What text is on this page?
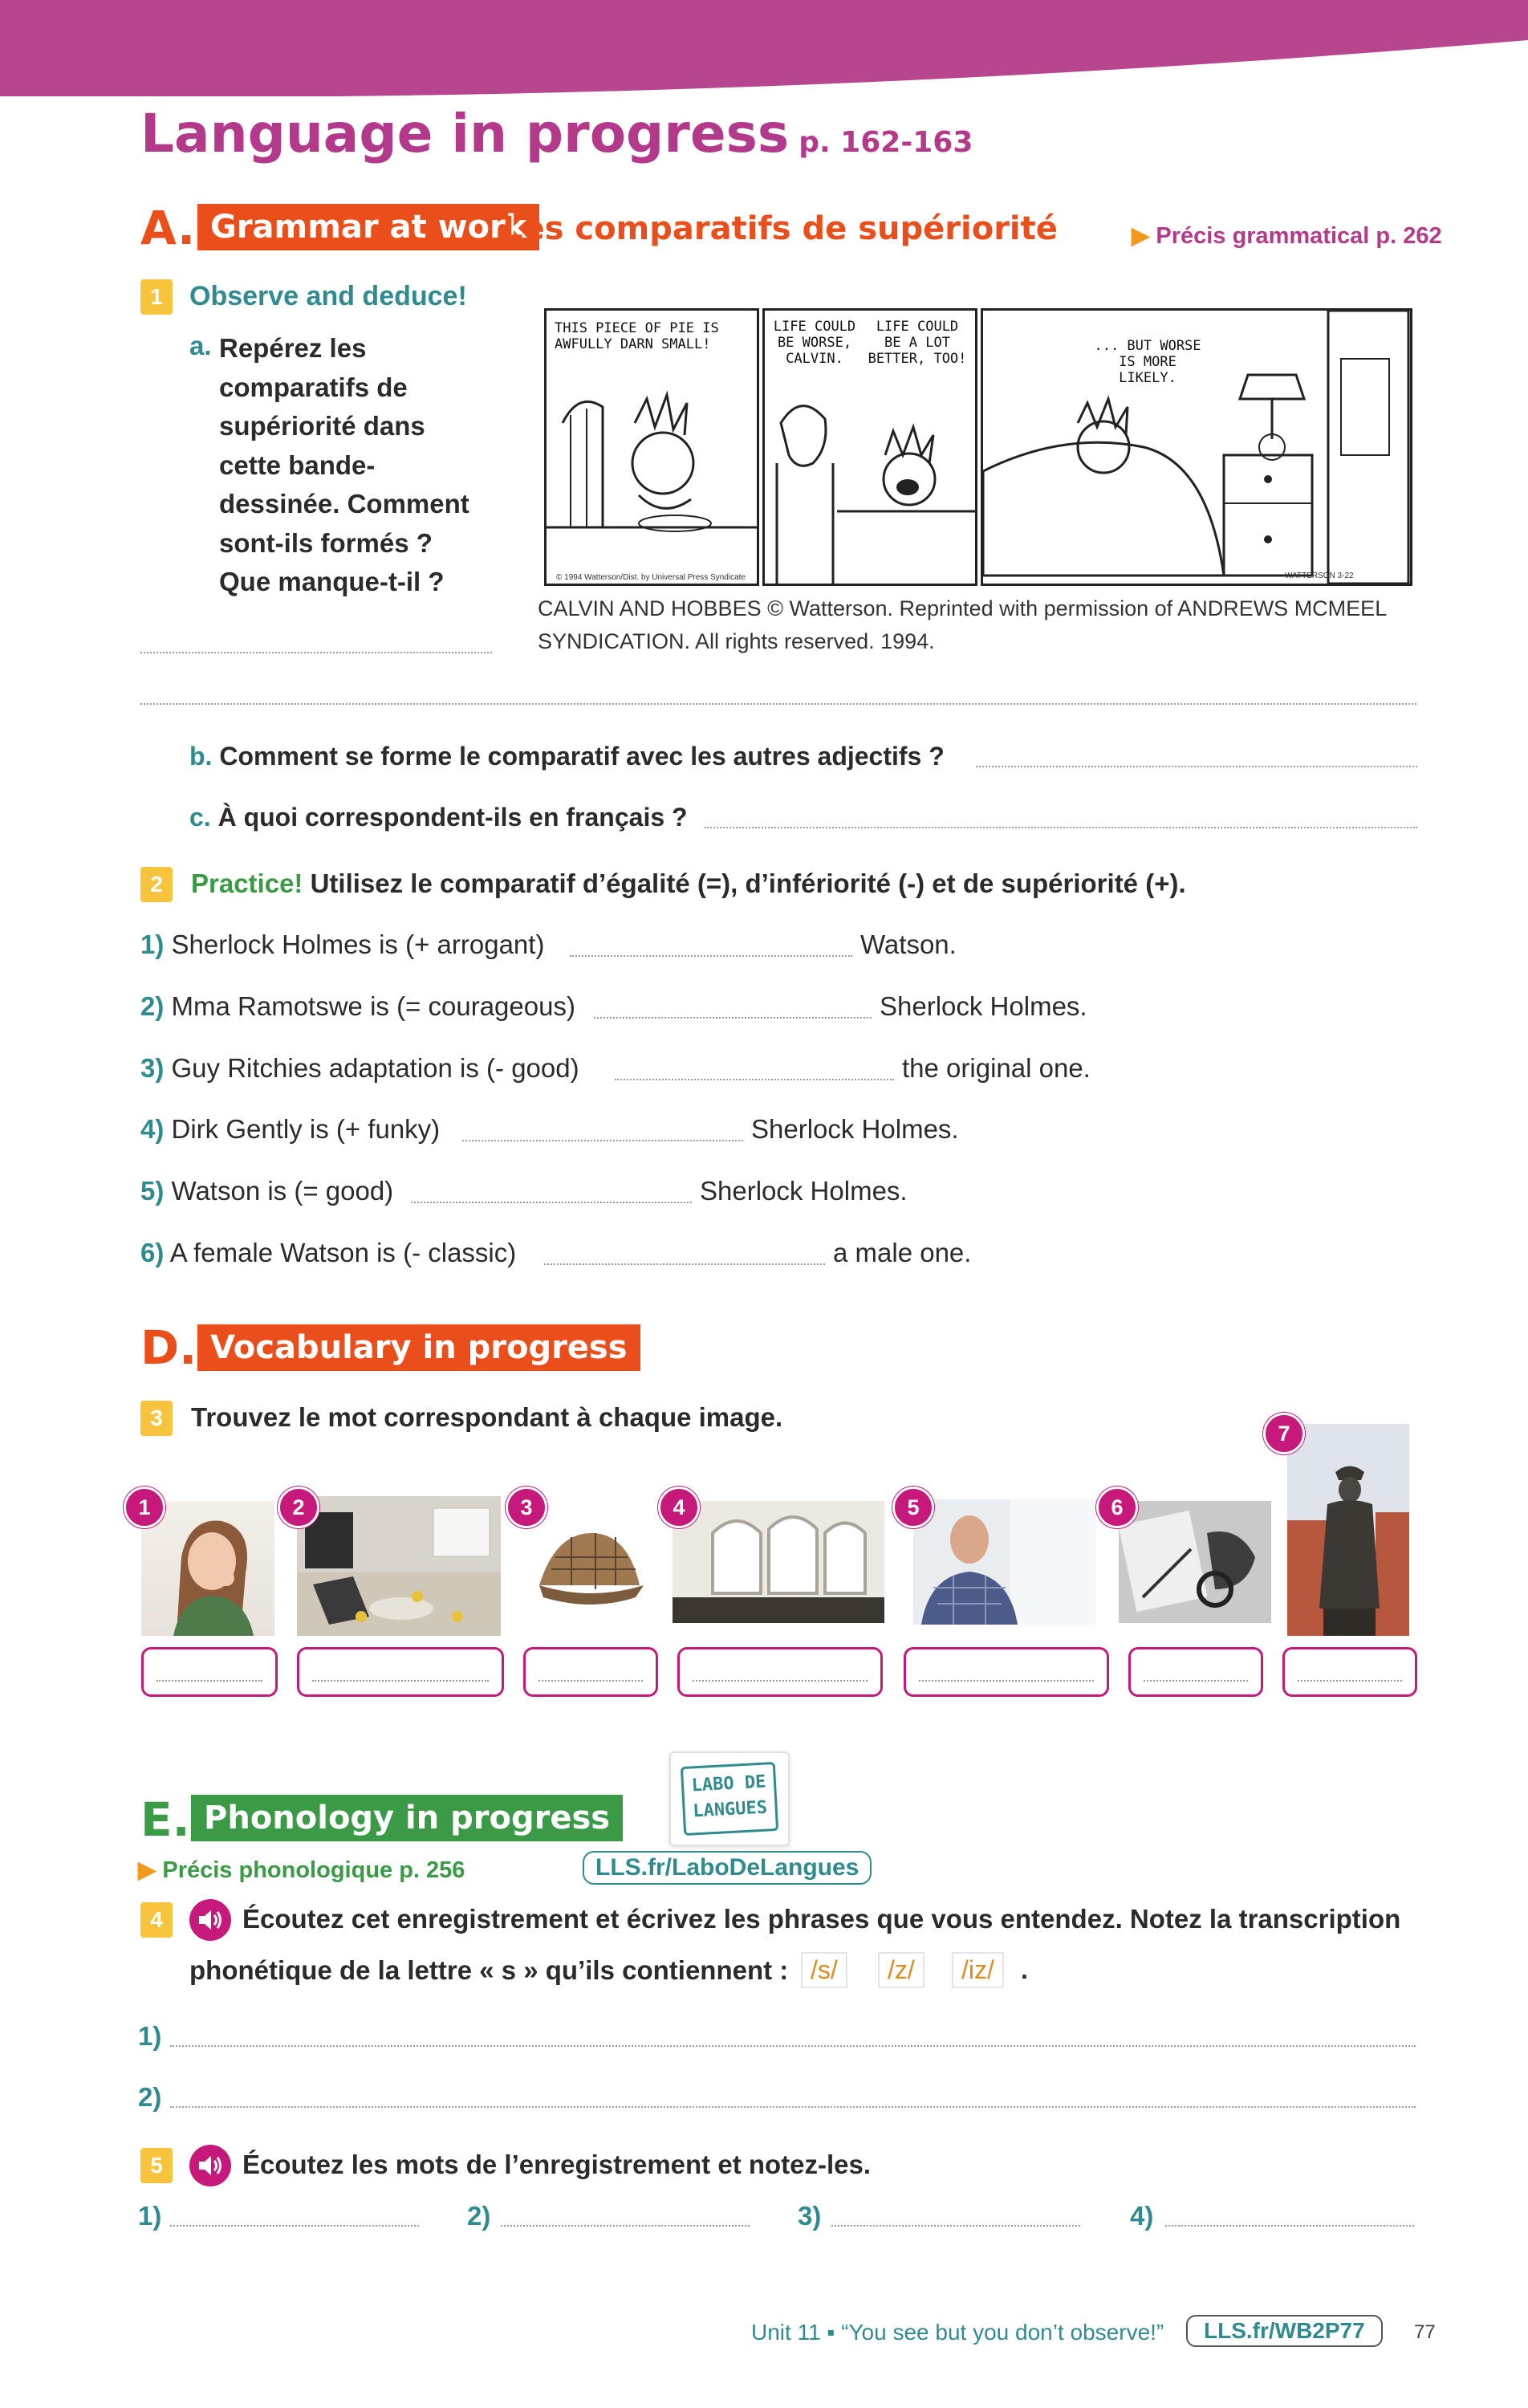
Language in progress p. 162-163
A. Grammar at work
Les comparatifs de supériorité	▶ Précis grammatical p. 262
1 Observe and deduce!
a. Repérez les
comparatifs de
supériorité dans
cette bande-
dessinée. Comment
sont-ils formés ?
Que manque-t-il ?
THIS PIECE OF PIE IS AWFULLY DARN SMALL!
© 1994 Watterson/Dist. by Universal Press Syndicate
LIFE COULD BE WORSE, CALVIN.
LIFE COULD BE A LOT BETTER, TOO!
... BUT WORSE IS MORE LIKELY.
WATTERSON 3-22
CALVIN AND HOBBES © Watterson. Reprinted with permission of ANDREWS MCMEEL
SYNDICATION. All rights reserved. 1994.
b. Comment se forme le comparatif avec les autres adjectifs ?
c. À quoi correspondent-ils en français ?
2	Practice! Utilisez le comparatif d’égalité (=), d’infériorité (-) et de supériorité (+).
1) Sherlock Holmes is (+ arrogant)	Watson.
2) Mma Ramotswe is (= courageous)	Sherlock Holmes.
3) Guy Ritchies adaptation is (- good)	the original one.
4) Dirk Gently is (+ funky)	Sherlock Holmes.
5) Watson is (= good)	Sherlock Holmes.
6) A female Watson is (- classic)	a male one.
D. Vocabulary in progress
3	Trouvez le mot correspondant à chaque image.
1	2	3	4	5	6
7
E. Phonology in progress
▶ Précis phonologique p. 256
LABO DE
LANGUES
LLS.fr/LaboDeLangues
4	Écoutez cet enregistrement et écrivez les phrases que vous entendez. Notez la transcription
phonétique de la lettre « s » qu’ils contiennent : /s/	/z/	/iz/	.
1)
2)
5	Écoutez les mots de l’enregistrement et notez-les.
1)	2)	3)	4)
Unit 11 ▪ “You see but you don’t observe!”	LLS.fr/WB2P77	77
